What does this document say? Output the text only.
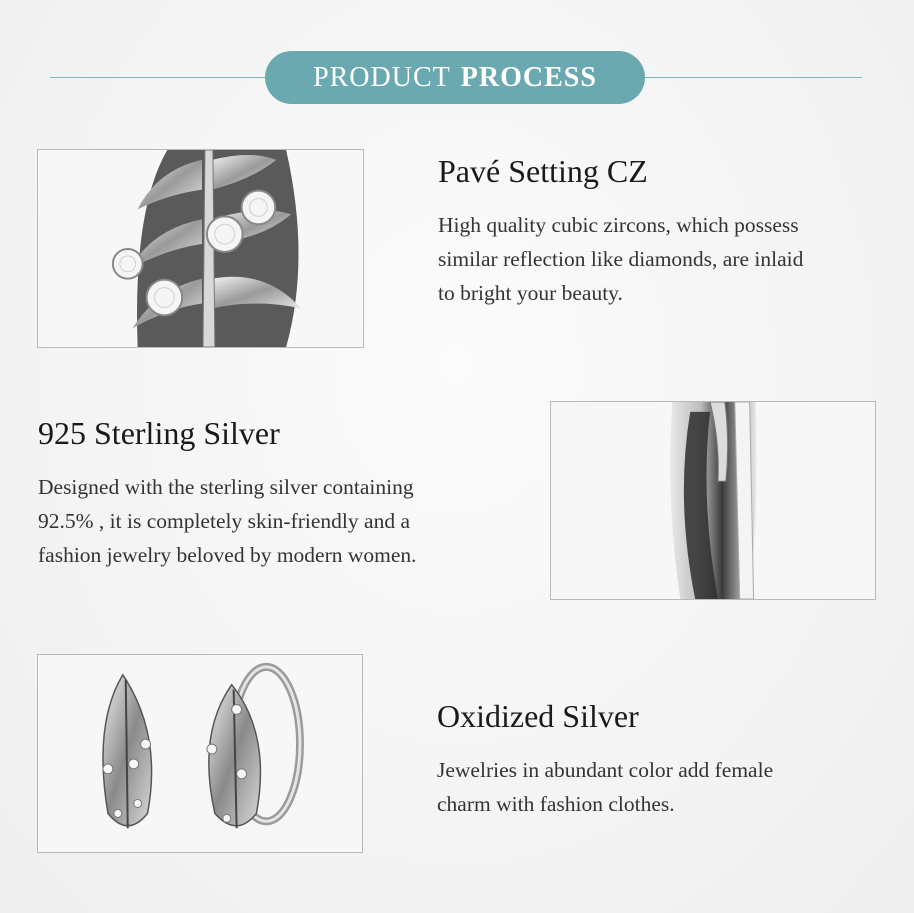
PRODUCT PROCESS
Pavé Setting CZ
High quality cubic zircons, which possess
similar reflection like diamonds, are inlaid
to bright your beauty.
925 Sterling Silver
Designed with the sterling silver containing
92.5% , it is completely skin-friendly and a
fashion jewelry beloved by modern women.
Oxidized Silver
Jewelries in abundant color add female
charm with fashion clothes.
